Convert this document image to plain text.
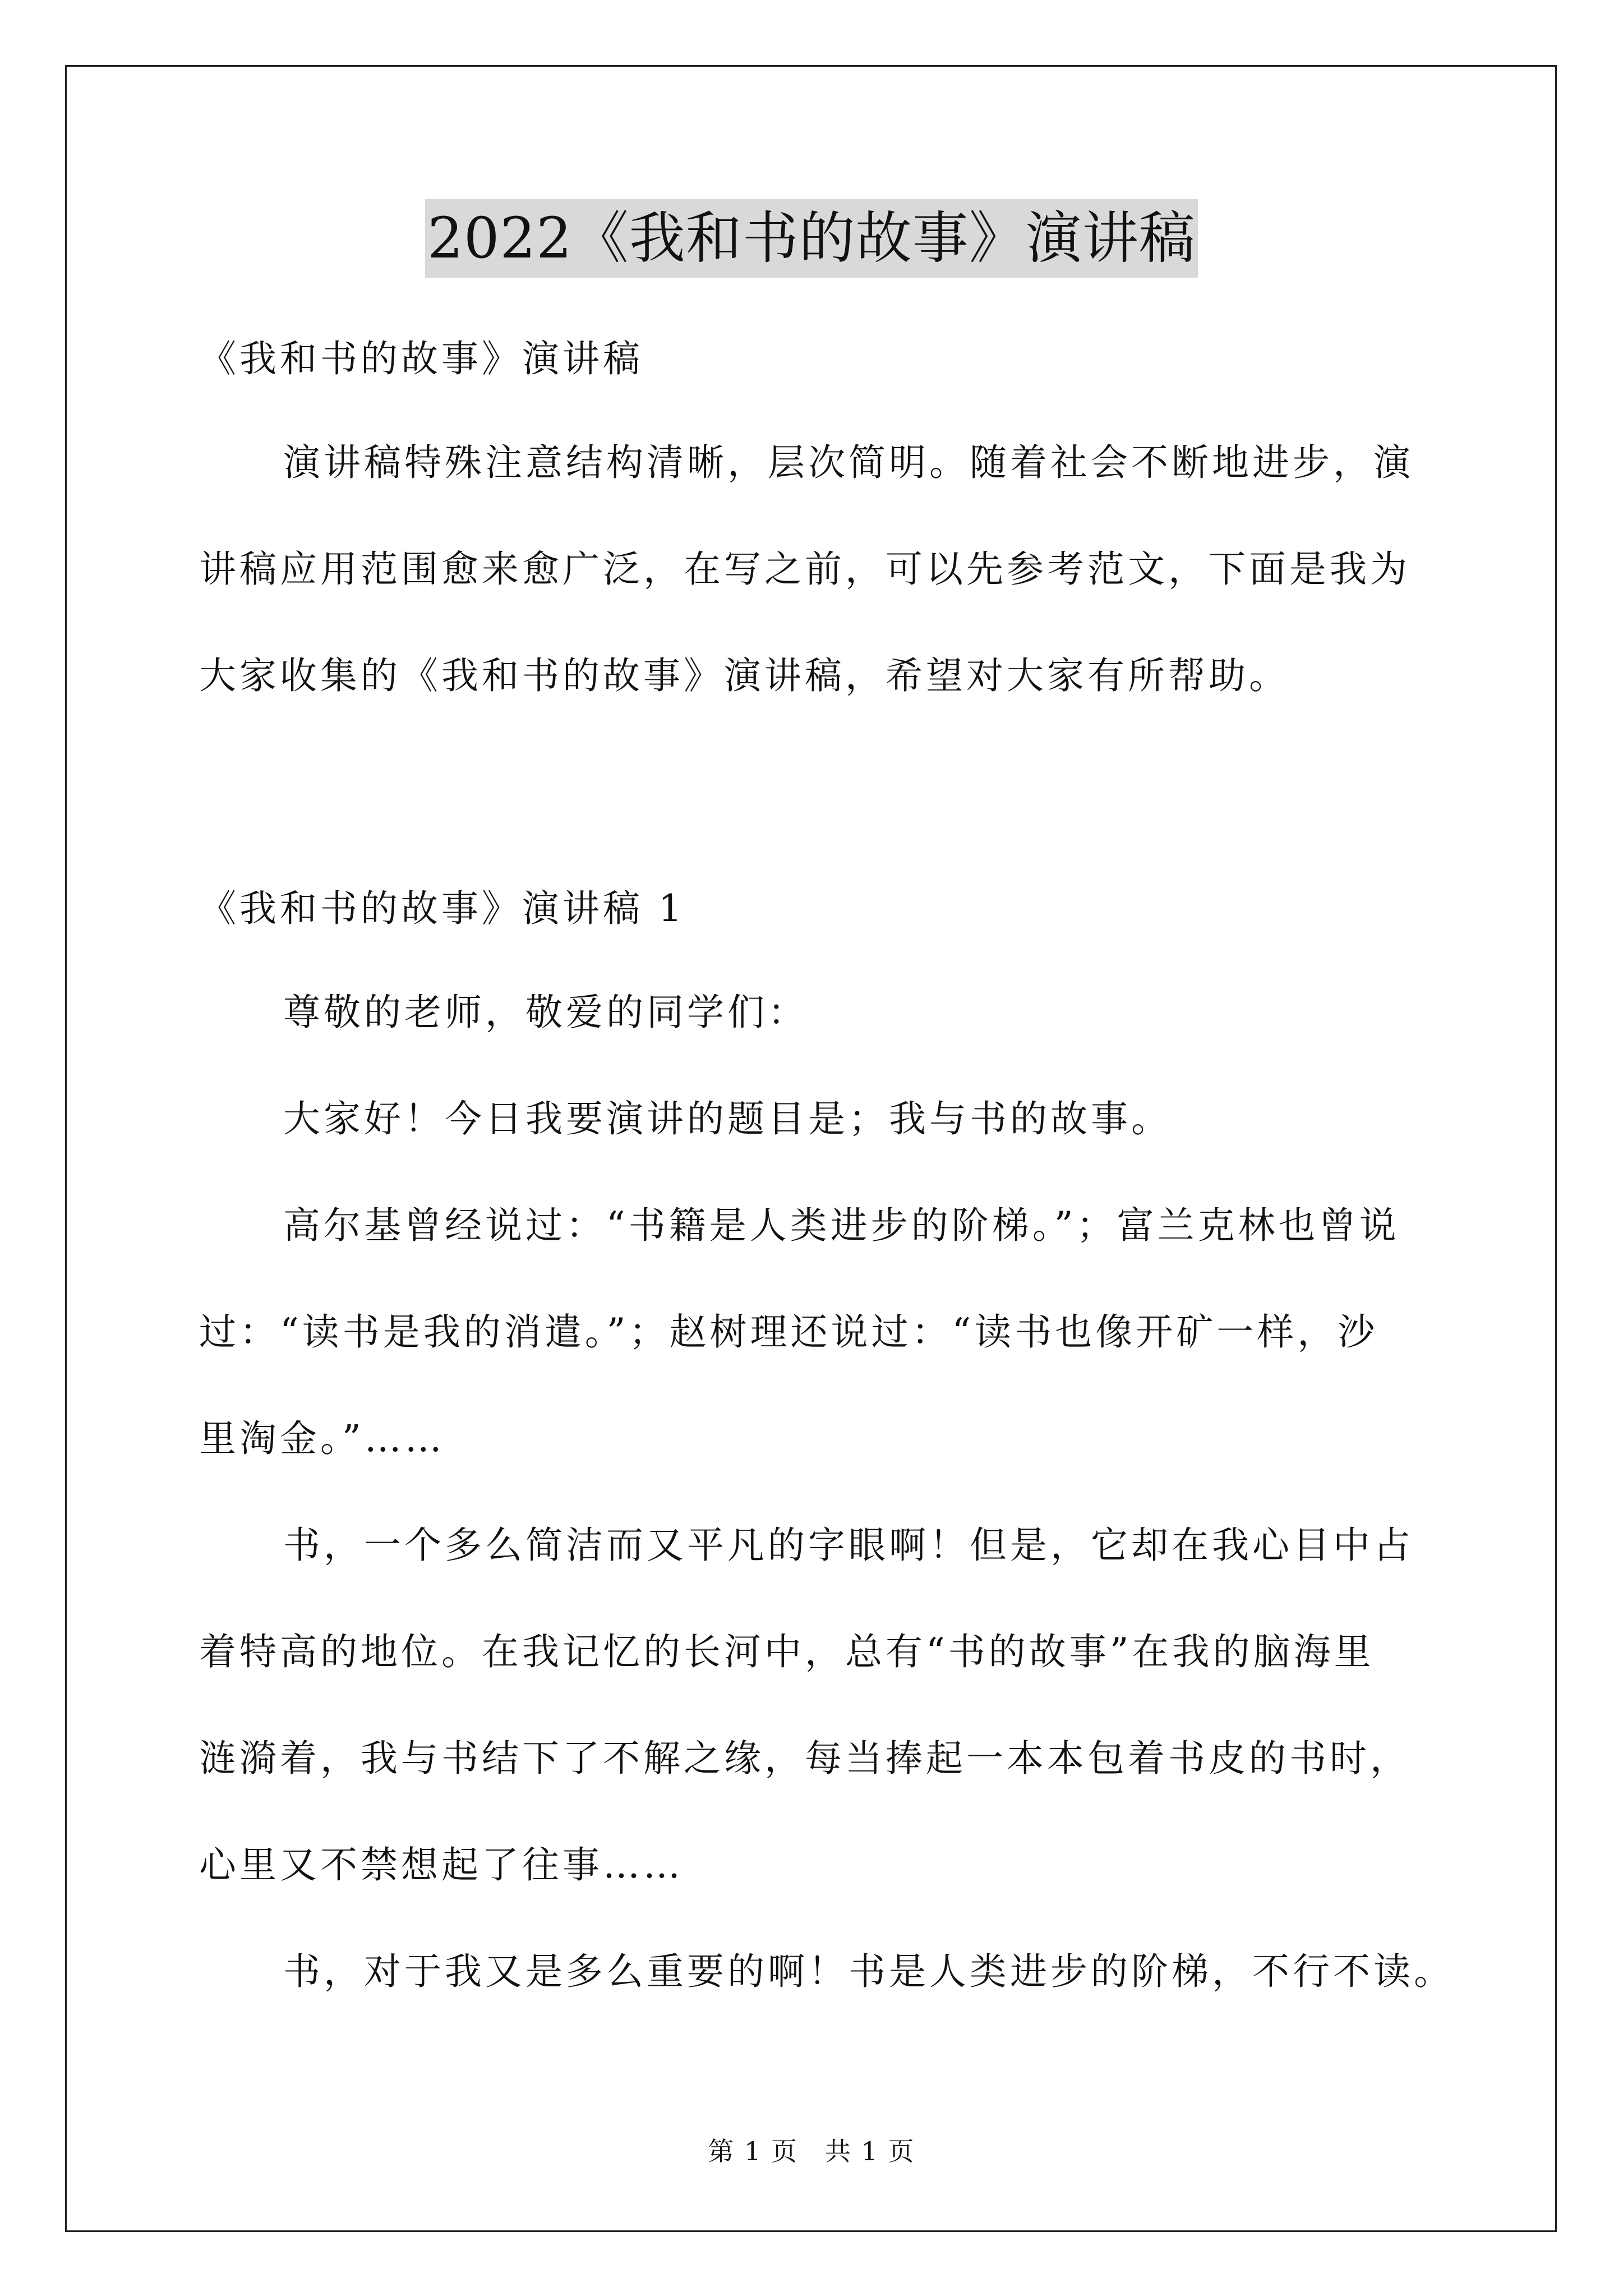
2022《我和书的故事》演讲稿
《我和书的故事》演讲稿

演讲稿特殊注意结构清晰，层次简明。随着社会不断地进步，演

讲稿应用范围愈来愈广泛，在写之前，可以先参考范文，下面是我为

大家收集的《我和书的故事》演讲稿，希望对大家有所帮助。

《我和书的故事》演讲稿 1

尊敬的老师，敬爱的同学们：

大家好！今日我要演讲的题目是；我与书的故事。

高尔基曾经说过：“书籍是人类进步的阶梯。”；富兰克林也曾说

过：“读书是我的消遣。”；赵树理还说过：“读书也像开矿一样，沙

里淘金。”……

书，一个多么简洁而又平凡的字眼啊！但是，它却在我心目中占

着特高的地位。在我记忆的长河中，总有“书的故事”在我的脑海里

涟漪着，我与书结下了不解之缘，每当捧起一本本包着书皮的书时，

心里又不禁想起了往事……

书，对于我又是多么重要的啊！书是人类进步的阶梯，不行不读。

第 1 页　共 1 页
